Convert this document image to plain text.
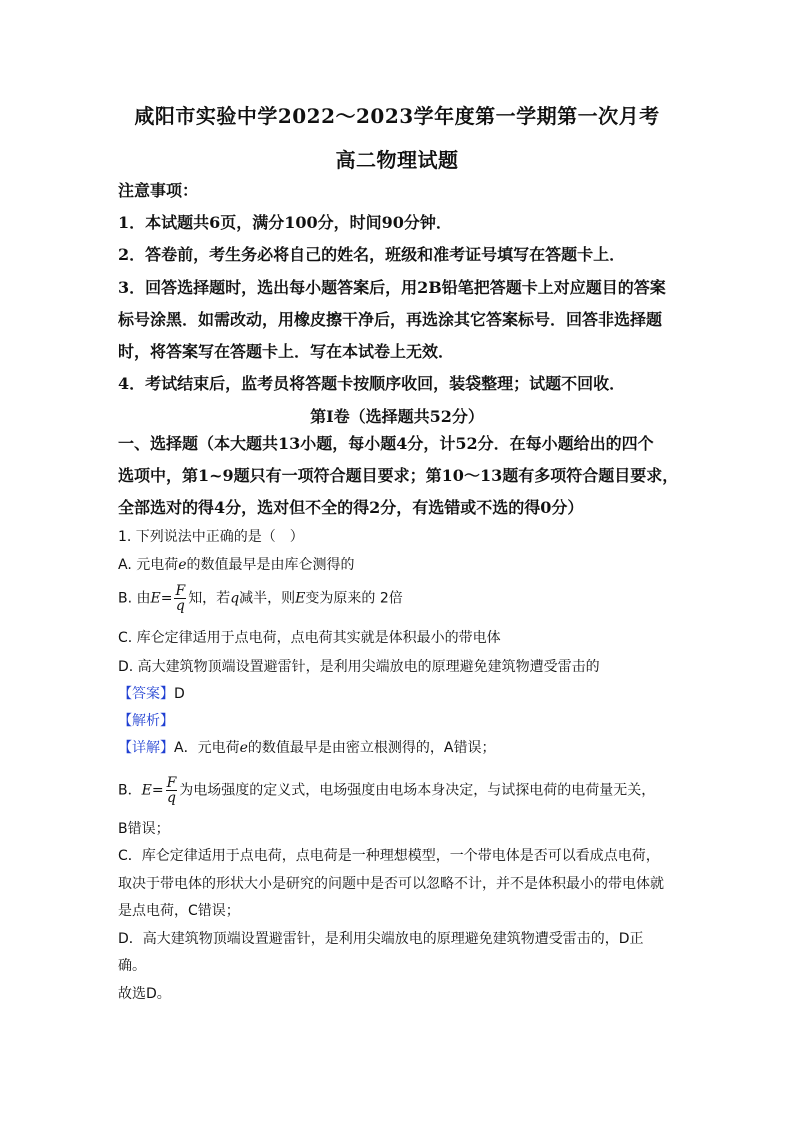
咸阳市实验中学2022～2023学年度第一学期第一次月考
高二物理试题
注意事项：
1．本试题共6页，满分100分，时间90分钟．
2．答卷前，考生务必将自己的姓名，班级和准考证号填写在答题卡上．
3．回答选择题时，选出每小题答案后，用2B铅笔把答题卡上对应题目的答案
标号涂黑．如需改动，用橡皮擦干净后，再选涂其它答案标号．回答非选择题
时，将答案写在答题卡上．写在本试卷上无效．
4．考试结束后，监考员将答题卡按顺序收回，装袋整理；试题不回收．
第Ⅰ卷（选择题共52分）
一、选择题（本大题共13小题，每小题4分，计52分．在每小题给出的四个
选项中，第1~9题只有一项符合题目要求；第10～13题有多项符合题目要求，
全部选对的得4分，选对但不全的得2分，有选错或不选的得0分）
1. 下列说法中正确的是（　）
A. 元电荷e的数值最早是由库仑测得的
B. 由$E= \frac{F}{q}$ 知，若q减半，则E变为原来的 2倍
C. 库仑定律适用于点电荷，点电荷其实就是体积最小的带电体
D. 高大建筑物顶端设置避雷针，是利用尖端放电的原理避免建筑物遭受雷击的
【答案】D
【解析】
【详解】A．元电荷e的数值最早是由密立根测得的，A错误；
B．$E= \frac{F}{q}$ 为电场强度的定义式，电场强度由电场本身决定，与试探电荷的电荷量无关，
B错误；
C．库仑定律适用于点电荷，点电荷是一种理想模型，一个带电体是否可以看成点电荷，
取决于带电体的形状大小是研究的问题中是否可以忽略不计，并不是体积最小的带电体就
是点电荷，C错误；
D．高大建筑物顶端设置避雷针，是利用尖端放电的原理避免建筑物遭受雷击的，D正
确。
故选D。
